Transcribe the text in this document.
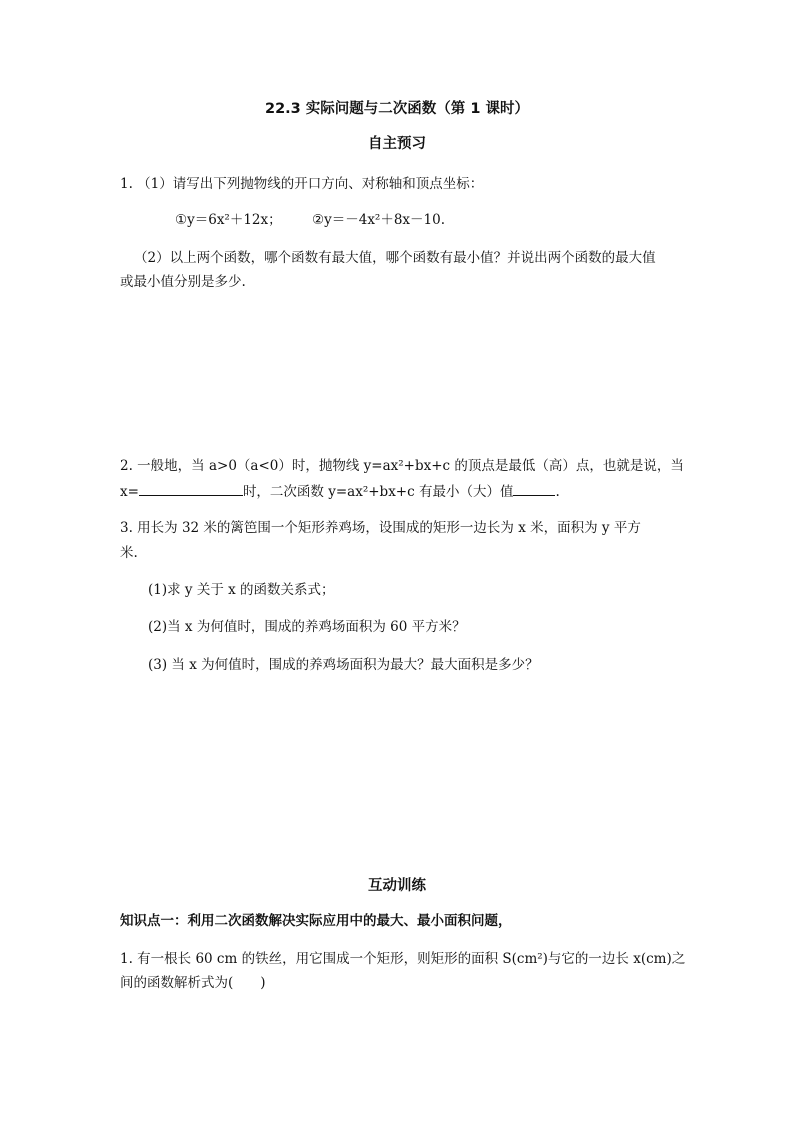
22.3 实际问题与二次函数（第 1 课时）
自主预习
1. （1）请写出下列抛物线的开口方向、对称轴和顶点坐标：
①y＝6x²＋12x； ②y＝－4x²＋8x－10.
（2）以上两个函数，哪个函数有最大值，哪个函数有最小值？并说出两个函数的最大值
或最小值分别是多少.
2. 一般地，当 a>0（a<0）时，抛物线 y=ax²+bx+c 的顶点是最低（高）点，也就是说，当
x=	时，二次函数 y=ax²+bx+c 有最小（大）值	.
3. 用长为 32 米的篱笆围一个矩形养鸡场，设围成的矩形一边长为 x 米，面积为 y 平方
米.
(1)求 y 关于 x 的函数关系式；
(2)当 x 为何值时，围成的养鸡场面积为 60 平方米？
(3) 当 x 为何值时，围成的养鸡场面积为最大？最大面积是多少？
互动训练
知识点一：利用二次函数解决实际应用中的最大、最小面积问题，
1. 有一根长 60 cm 的铁丝，用它围成一个矩形，则矩形的面积 S(cm²)与它的一边长 x(cm)之
间的函数解析式为(　　)
